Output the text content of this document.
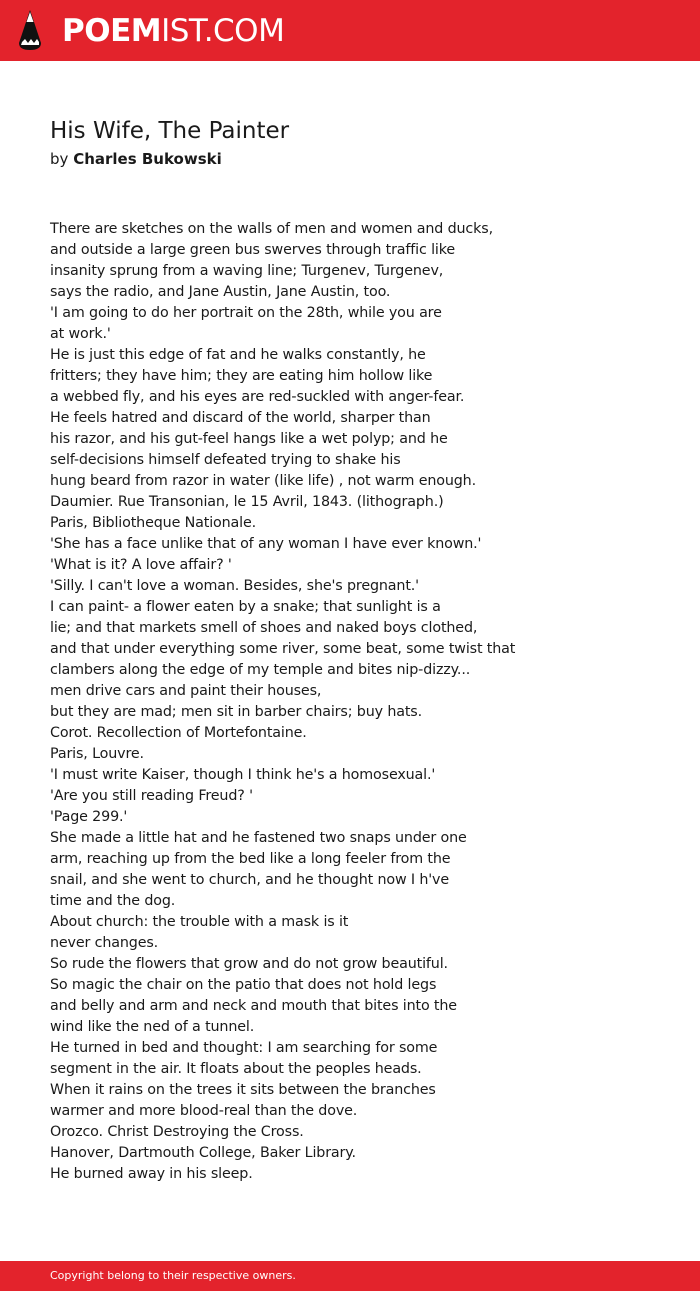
POEMIST.COM
His Wife, The Painter
by Charles Bukowski
There are sketches on the walls of men and women and ducks,
and outside a large green bus swerves through traffic like
insanity sprung from a waving line; Turgenev, Turgenev,
says the radio, and Jane Austin, Jane Austin, too.
'I am going to do her portrait on the 28th, while you are
at work.'
He is just this edge of fat and he walks constantly, he
fritters; they have him; they are eating him hollow like
a webbed fly, and his eyes are red-suckled with anger-fear.
He feels hatred and discard of the world, sharper than
his razor, and his gut-feel hangs like a wet polyp; and he
self-decisions himself defeated trying to shake his
hung beard from razor in water (like life) , not warm enough.
Daumier. Rue Transonian, le 15 Avril, 1843. (lithograph.)
Paris, Bibliotheque Nationale.
'She has a face unlike that of any woman I have ever known.'
'What is it? A love affair? '
'Silly. I can't love a woman. Besides, she's pregnant.'
I can paint- a flower eaten by a snake; that sunlight is a
lie; and that markets smell of shoes and naked boys clothed,
and that under everything some river, some beat, some twist that
clambers along the edge of my temple and bites nip-dizzy...
men drive cars and paint their houses,
but they are mad; men sit in barber chairs; buy hats.
Corot. Recollection of Mortefontaine.
Paris, Louvre.
'I must write Kaiser, though I think he's a homosexual.'
'Are you still reading Freud? '
'Page 299.'
She made a little hat and he fastened two snaps under one
arm, reaching up from the bed like a long feeler from the
snail, and she went to church, and he thought now I h've
time and the dog.
About church: the trouble with a mask is it
never changes.
So rude the flowers that grow and do not grow beautiful.
So magic the chair on the patio that does not hold legs
and belly and arm and neck and mouth that bites into the
wind like the ned of a tunnel.
He turned in bed and thought: I am searching for some
segment in the air. It floats about the peoples heads.
When it rains on the trees it sits between the branches
warmer and more blood-real than the dove.
Orozco. Christ Destroying the Cross.
Hanover, Dartmouth College, Baker Library.
He burned away in his sleep.
Copyright belong to their respective owners.
